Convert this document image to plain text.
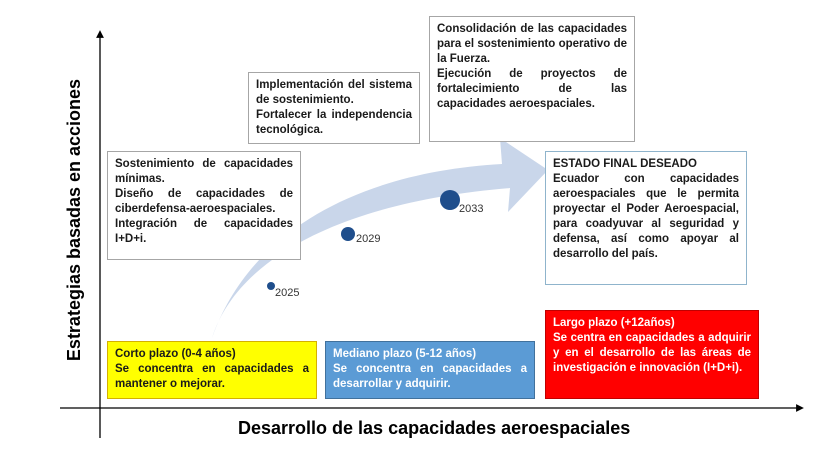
Estrategias basadas en acciones
Desarrollo de las capacidades aeroespaciales
2025
2029
2033

Sostenimiento de capacidades mínimas.

Diseño de capacidades de ciberdefensa-aeroespaciales.

Integración de capacidades I+D+i.

Implementación del sistema de sostenimiento.

Fortalecer la independencia tecnológica.

Consolidación de las capacidades para el sostenimiento operativo de la Fuerza.

Ejecución de proyectos de fortalecimiento de las capacidades aeroespaciales.

ESTADO FINAL DESEADO

Ecuador con capacidades aeroespaciales que le permita proyectar el Poder Aeroespacial, para coadyuvar al seguridad y defensa, así como apoyar al desarrollo del país.

Corto plazo (0-4 años)

Se concentra en capacidades a mantener o mejorar.

Mediano plazo (5-12 años)

Se concentra en capacidades a desarrollar y adquirir.

Largo plazo (+12años)

Se centra en capacidades a adquirir y en el desarrollo de las áreas de investigación e innovación (I+D+i).
